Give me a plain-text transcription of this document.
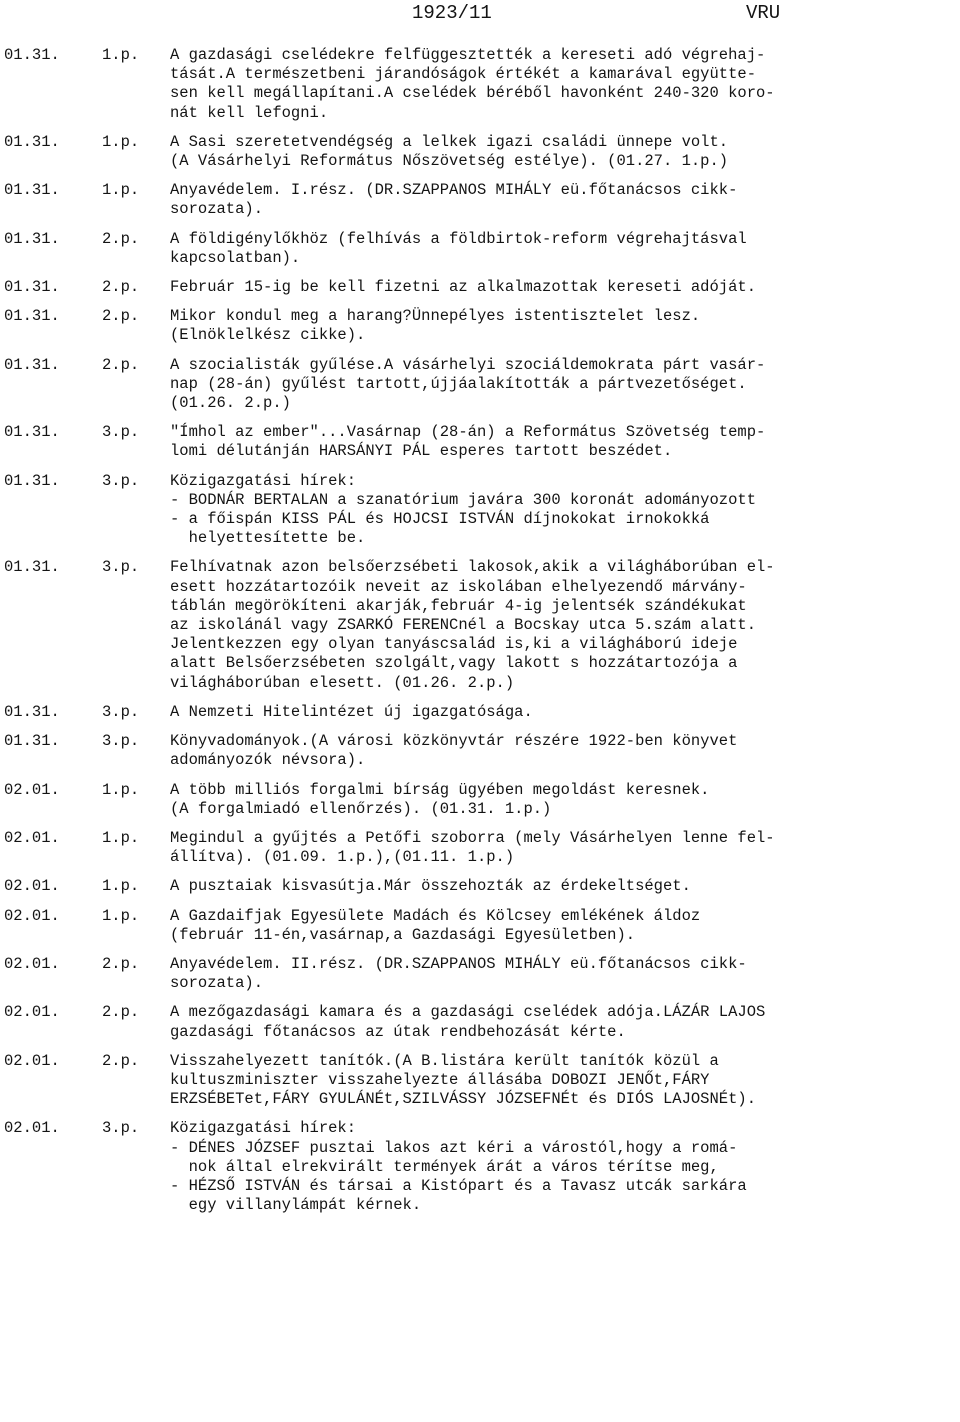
1923/11	VRU
01.31.	1.p.	A gazdasági cselédekre felfüggesztették a kereseti adó végrehaj-
tását.A természetbeni járandóságok értékét a kamarával együtte-
sen kell megállapítani.A cselédek béréből havonként 240-320 koro-
nát kell lefogni.
01.31.	1.p.	A Sasi szeretetvendégség a lelkek igazi családi ünnepe volt.
(A Vásárhelyi Református Nőszövetség estélye). (01.27. 1.p.)
01.31.	1.p.	Anyavédelem. I.rész. (DR.SZAPPANOS MIHÁLY eü.főtanácsos cikk-
sorozata).
01.31.	2.p.	A földigénylőkhöz (felhívás a földbirtok-reform végrehajtásval
kapcsolatban).
01.31.	2.p.	Február 15-ig be kell fizetni az alkalmazottak kereseti adóját.
01.31.	2.p.	Mikor kondul meg a harang?Ünnepélyes istentisztelet lesz.
(Elnöklelkész cikke).
01.31.	2.p.	A szocialisták gyűlése.A vásárhelyi szociáldemokrata párt vasár-
nap (28-án) gyűlést tartott,újjáalakították a pártvezetőséget.
(01.26. 2.p.)
01.31.	3.p.	"Ímhol az ember"...Vasárnap (28-án) a Református Szövetség temp-
lomi délutánján HARSÁNYI PÁL esperes tartott beszédet.
01.31.	3.p.	Közigazgatási hírek:
- BODNÁR BERTALAN a szanatórium javára 300 koronát adományozott
- a főispán KISS PÁL és HOJCSI ISTVÁN díjnokokat irnokokká
helyettesítette be.
01.31.	3.p.	Felhívatnak azon belsőerzsébeti lakosok,akik a világháborúban el-
esett hozzátartozóik neveit az iskolában elhelyezendő márvány-
táblán megörökíteni akarják,február 4-ig jelentsék szándékukat
az iskolánál vagy ZSARKÓ FERENCnél a Bocskay utca 5.szám alatt.
Jelentkezzen egy olyan tanyáscsalád is,ki a világháború ideje
alatt Belsőerzsébeten szolgált,vagy lakott s hozzátartozója a
világháborúban elesett. (01.26. 2.p.)
01.31.	3.p.	A Nemzeti Hitelintézet új igazgatósága.
01.31.	3.p.	Könyvadományok.(A városi közkönyvtár részére 1922-ben könyvet
adományozók névsora).
02.01.	1.p.	A több milliós forgalmi bírság ügyében megoldást keresnek.
(A forgalmiadó ellenőrzés). (01.31. 1.p.)
02.01.	1.p.	Megindul a gyűjtés a Petőfi szoborra (mely Vásárhelyen lenne fel-
állítva). (01.09. 1.p.),(01.11. 1.p.)
02.01.	1.p.	A pusztaiak kisvasútja.Már összehozták az érdekeltséget.
02.01.	1.p.	A Gazdaifjak Egyesülete Madách és Kölcsey emlékének áldoz
(február 11-én,vasárnap,a Gazdasági Egyesületben).
02.01.	2.p.	Anyavédelem. II.rész. (DR.SZAPPANOS MIHÁLY eü.főtanácsos cikk-
sorozata).
02.01.	2.p.	A mezőgazdasági kamara és a gazdasági cselédek adója.LÁZÁR LAJOS
gazdasági főtanácsos az útak rendbehozását kérte.
02.01.	2.p.	Visszahelyezett tanítók.(A B.listára került tanítók közül a
kultuszminiszter visszahelyezte állásába DOBOZI JENŐt,FÁRY
ERZSÉBETet,FÁRY GYULÁNÉt,SZILVÁSSY JÓZSEFNÉt és DIÓS LAJOSNÉt).
02.01.	3.p.	Közigazgatási hírek:
- DÉNES JÓZSEF pusztai lakos azt kéri a várostól,hogy a romá-
nok által elrekvirált termények árát a város térítse meg,
- HÉZSŐ ISTVÁN és társai a Kistópart és a Tavasz utcák sarkára
egy villanylámpát kérnek.
